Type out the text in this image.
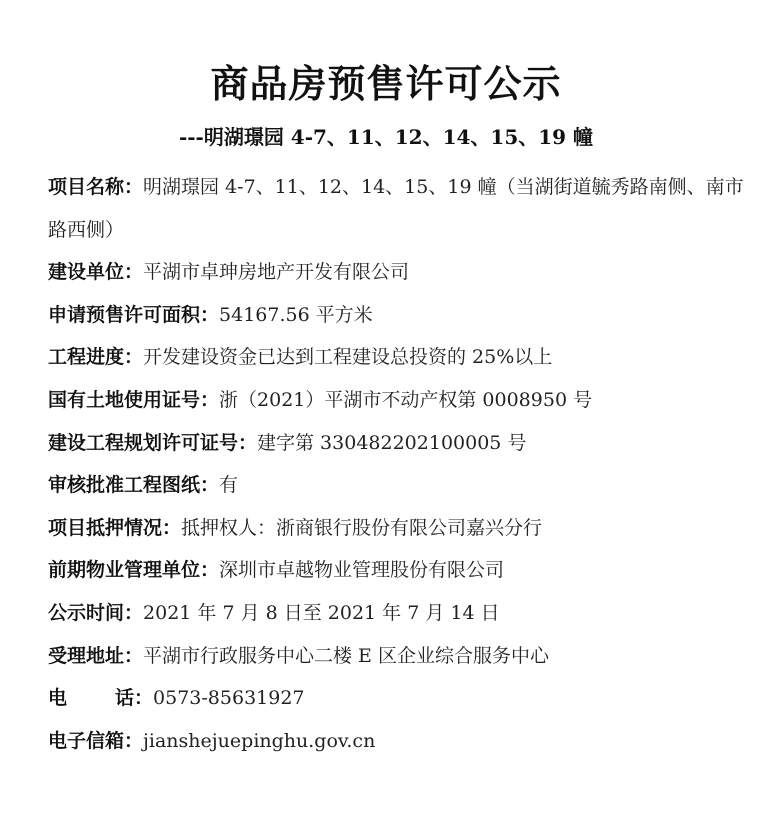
商品房预售许可公示
---明湖璟园 4-7、11、12、14、15、19 幢
项目名称：明湖璟园 4-7、11、12、14、15、19 幢（当湖街道毓秀路南侧、南市路西侧）
建设单位：平湖市卓珅房地产开发有限公司
申请预售许可面积：54167.56 平方米
工程进度：开发建设资金已达到工程建设总投资的 25%以上
国有土地使用证号：浙（2021）平湖市不动产权第 0008950 号
建设工程规划许可证号：建字第 330482202100005 号
审核批准工程图纸：有
项目抵押情况：抵押权人：浙商银行股份有限公司嘉兴分行
前期物业管理单位：深圳市卓越物业管理股份有限公司
公示时间：2021 年 7 月 8 日至 2021 年 7 月 14 日
受理地址：平湖市行政服务中心二楼 E 区企业综合服务中心
电	话：0573-85631927
电子信箱：jianshejuepinghu.gov.cn
